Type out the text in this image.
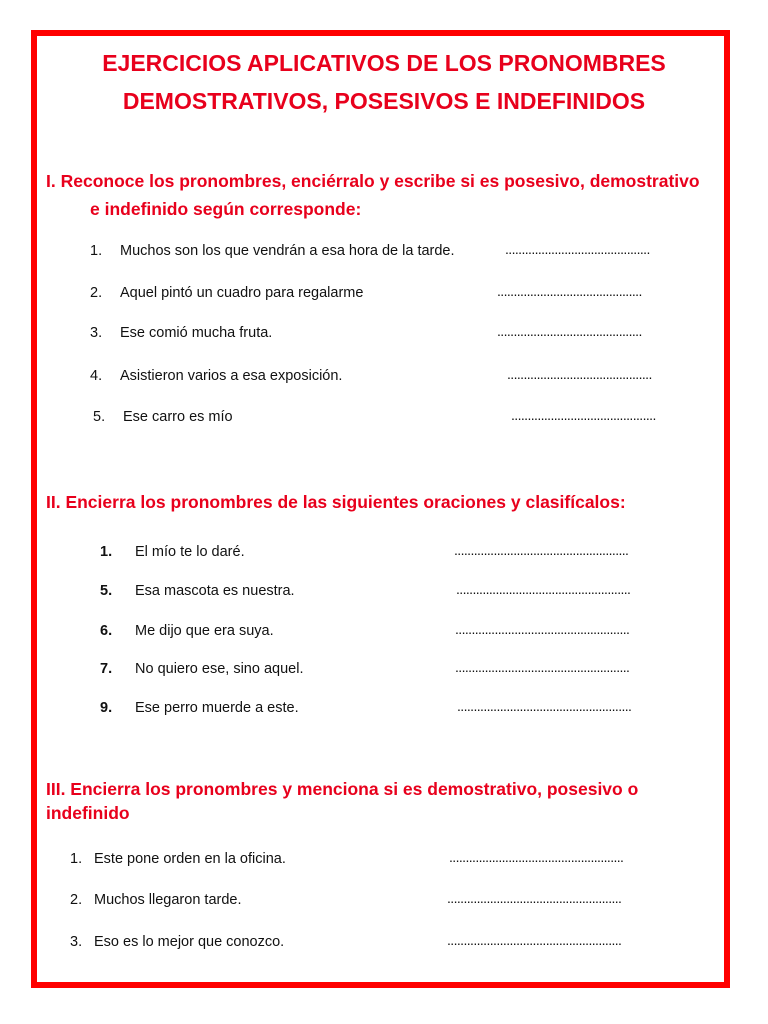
EJERCICIOS APLICATIVOS DE LOS PRONOMBRES
DEMOSTRATIVOS, POSESIVOS E INDEFINIDOS
I. Reconoce los pronombres, enciérralo y escribe si es posesivo, demostrativo
e indefinido según corresponde:
1. Muchos son los que vendrán a esa hora de la tarde.	............................................
2. Aquel pintó un cuadro para regalarme	............................................
3. Ese comió mucha fruta.	............................................
4. Asistieron varios a esa exposición.	............................................
5. Ese carro es mío	............................................
II. Encierra los pronombres de las siguientes oraciones y clasifícalos:
1. El mío te lo daré.	.....................................................
5. Esa mascota es nuestra.	.....................................................
6. Me dijo que era suya.	.....................................................
7. No quiero ese, sino aquel.	.....................................................
9. Ese perro muerde a este.	.....................................................
III. Encierra los pronombres y menciona si es demostrativo, posesivo o
indefinido
1. Este pone orden en la oficina.	.....................................................
2. Muchos llegaron tarde.	.....................................................
3. Eso es lo mejor que conozco.	.....................................................
